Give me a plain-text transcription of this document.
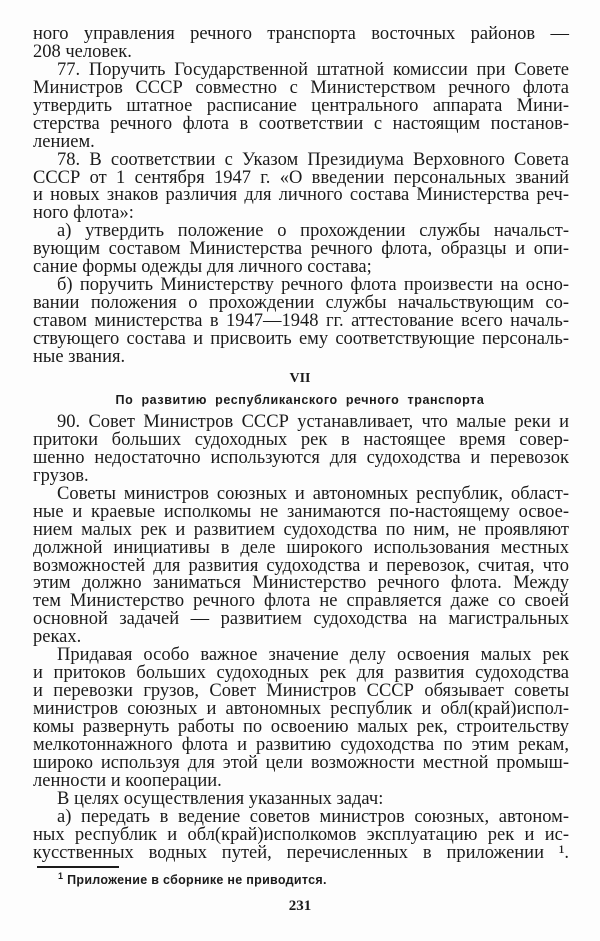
ного управления речного транспорта восточных районов —
208 человек.
77. Поручить Государственной штатной комиссии при Совете
Министров СССР совместно с Министерством речного флота
утвердить штатное расписание центрального аппарата Мини-
стерства речного флота в соответствии с настоящим постанов-
лением.
78. В соответствии с Указом Президиума Верховного Совета
СССР от 1 сентября 1947 г. «О введении персональных званий
и новых знаков различия для личного состава Министерства реч-
ного флота»:
а) утвердить положение о прохождении службы начальст-
вующим составом Министерства речного флота, образцы и опи-
сание формы одежды для личного состава;
б) поручить Министерству речного флота произвести на осно-
вании положения о прохождении службы начальствующим со-
ставом министерства в 1947—1948 гг. аттестование всего началь-
ствующего состава и присвоить ему соответствующие персональ-
ные звания.
VII
По развитию республиканского речного транспорта
90. Совет Министров СССР устанавливает, что малые реки и
притоки больших судоходных рек в настоящее время совер-
шенно недостаточно используются для судоходства и перевозок
грузов.
Советы министров союзных и автономных республик, област-
ные и краевые исполкомы не занимаются по-настоящему освое-
нием малых рек и развитием судоходства по ним, не проявляют
должной инициативы в деле широкого использования местных
возможностей для развития судоходства и перевозок, считая, что
этим должно заниматься Министерство речного флота. Между
тем Министерство речного флота не справляется даже со своей
основной задачей — развитием судоходства на магистральных
реках.
Придавая особо важное значение делу освоения малых рек
и притоков больших судоходных рек для развития судоходства
и перевозки грузов, Совет Министров СССР обязывает советы
министров союзных и автономных республик и обл(край)испол-
комы развернуть работы по освоению малых рек, строительству
мелкотоннажного флота и развитию судоходства по этим рекам,
широко используя для этой цели возможности местной промыш-
ленности и кооперации.
В целях осуществления указанных задач:
а) передать в ведение советов министров союзных, автоном-
ных республик и обл(край)исполкомов эксплуатацию рек и ис-
кусственных водных путей, перечисленных в приложении ¹.
$^1$ Приложение в сборнике не приводится.
231
